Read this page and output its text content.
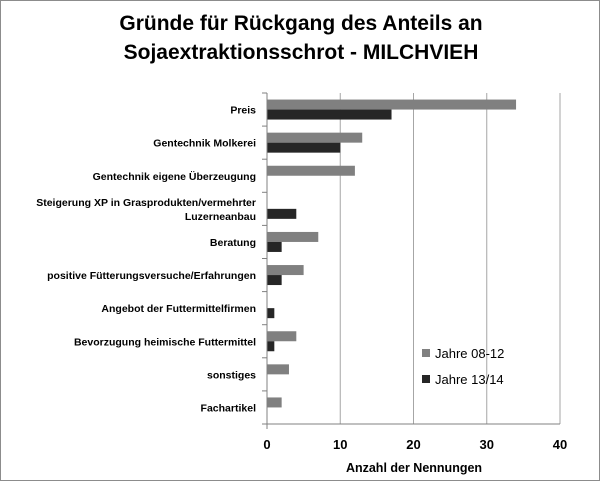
Gründe für Rückgang des Anteils an
Sojaextraktionsschrot - MILCHVIEH
Preis
Gentechnik Molkerei
Gentechnik eigene Überzeugung
Steigerung XP in Grasprodukten/vermehrter Luzerneanbau
Beratung
positive Fütterungsversuche/Erfahrungen
Angebot der Futtermittelfirmen
Bevorzugung heimische Futtermittel
sonstiges
Fachartikel
0	10	20	30	40
Anzahl der Nennungen
Jahre 08-12
Jahre 13/14
